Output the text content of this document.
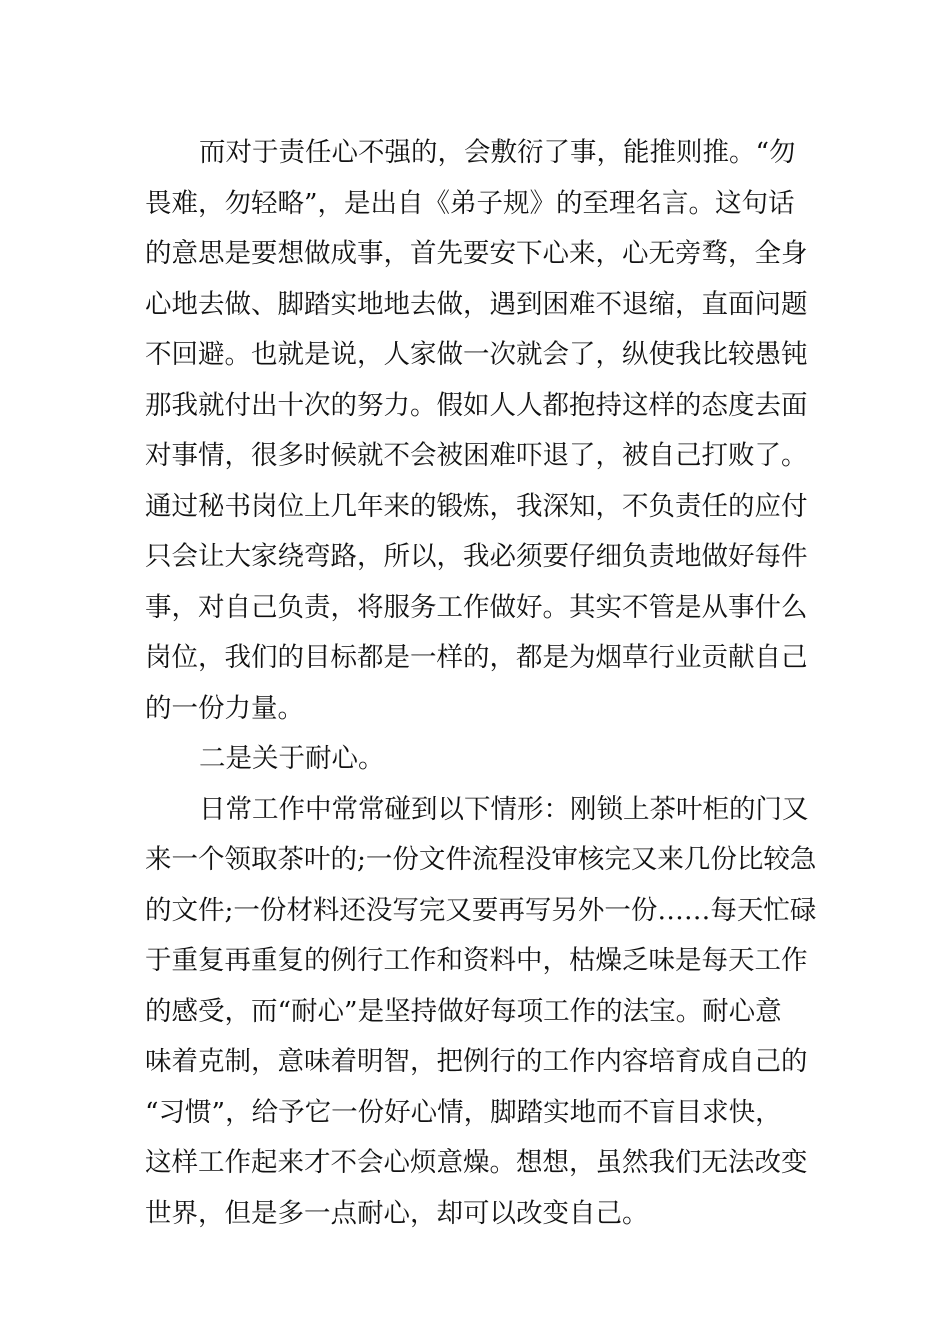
而对于责任心不强的，会敷衍了事，能推则推。“勿
畏难，勿轻略”，是出自《弟子规》的至理名言。这句话
的意思是要想做成事，首先要安下心来，心无旁骛，全身
心地去做、脚踏实地地去做，遇到困难不退缩，直面问题
不回避。也就是说，人家做一次就会了，纵使我比较愚钝
那我就付出十次的努力。假如人人都抱持这样的态度去面
对事情，很多时候就不会被困难吓退了，被自己打败了。
通过秘书岗位上几年来的锻炼，我深知，不负责任的应付
只会让大家绕弯路，所以，我必须要仔细负责地做好每件
事，对自己负责，将服务工作做好。其实不管是从事什么
岗位，我们的目标都是一样的，都是为烟草行业贡献自己
的一份力量。
二是关于耐心。
日常工作中常常碰到以下情形：刚锁上茶叶柜的门又
来一个领取茶叶的;一份文件流程没审核完又来几份比较急
的文件;一份材料还没写完又要再写另外一份……每天忙碌
于重复再重复的例行工作和资料中，枯燥乏味是每天工作
的感受，而“耐心”是坚持做好每项工作的法宝。耐心意
味着克制，意味着明智，把例行的工作内容培育成自己的
“习惯”，给予它一份好心情，脚踏实地而不盲目求快，
这样工作起来才不会心烦意燥。想想，虽然我们无法改变
世界，但是多一点耐心，却可以改变自己。
